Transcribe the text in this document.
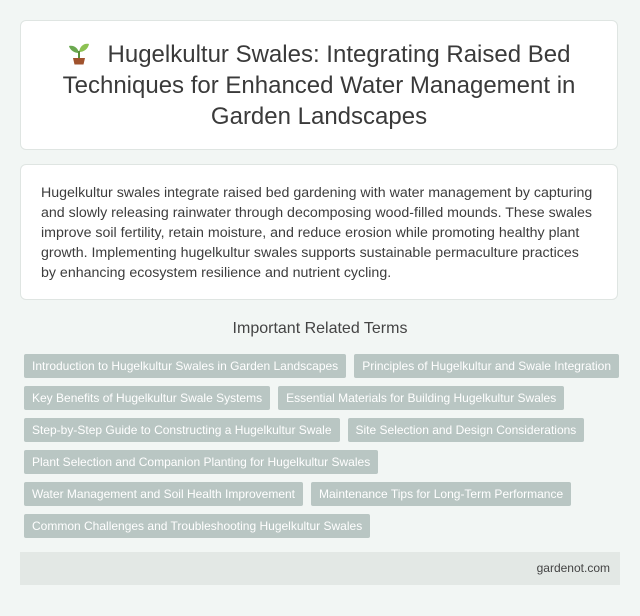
Hugelkultur Swales: Integrating Raised Bed Techniques for Enhanced Water Management in Garden Landscapes

Hugelkultur swales integrate raised bed gardening with water management by capturing and slowly releasing rainwater through decomposing wood-filled mounds. These swales improve soil fertility, retain moisture, and reduce erosion while promoting healthy plant growth. Implementing hugelkultur swales supports sustainable permaculture practices by enhancing ecosystem resilience and nutrient cycling.

Important Related Terms
Introduction to Hugelkultur Swales in Garden Landscapes	Principles of Hugelkultur and Swale Integration
Key Benefits of Hugelkultur Swale Systems	Essential Materials for Building Hugelkultur Swales
Step-by-Step Guide to Constructing a Hugelkultur Swale	Site Selection and Design Considerations
Plant Selection and Companion Planting for Hugelkultur Swales
Water Management and Soil Health Improvement	Maintenance Tips for Long-Term Performance
Common Challenges and Troubleshooting Hugelkultur Swales
gardenot.com
